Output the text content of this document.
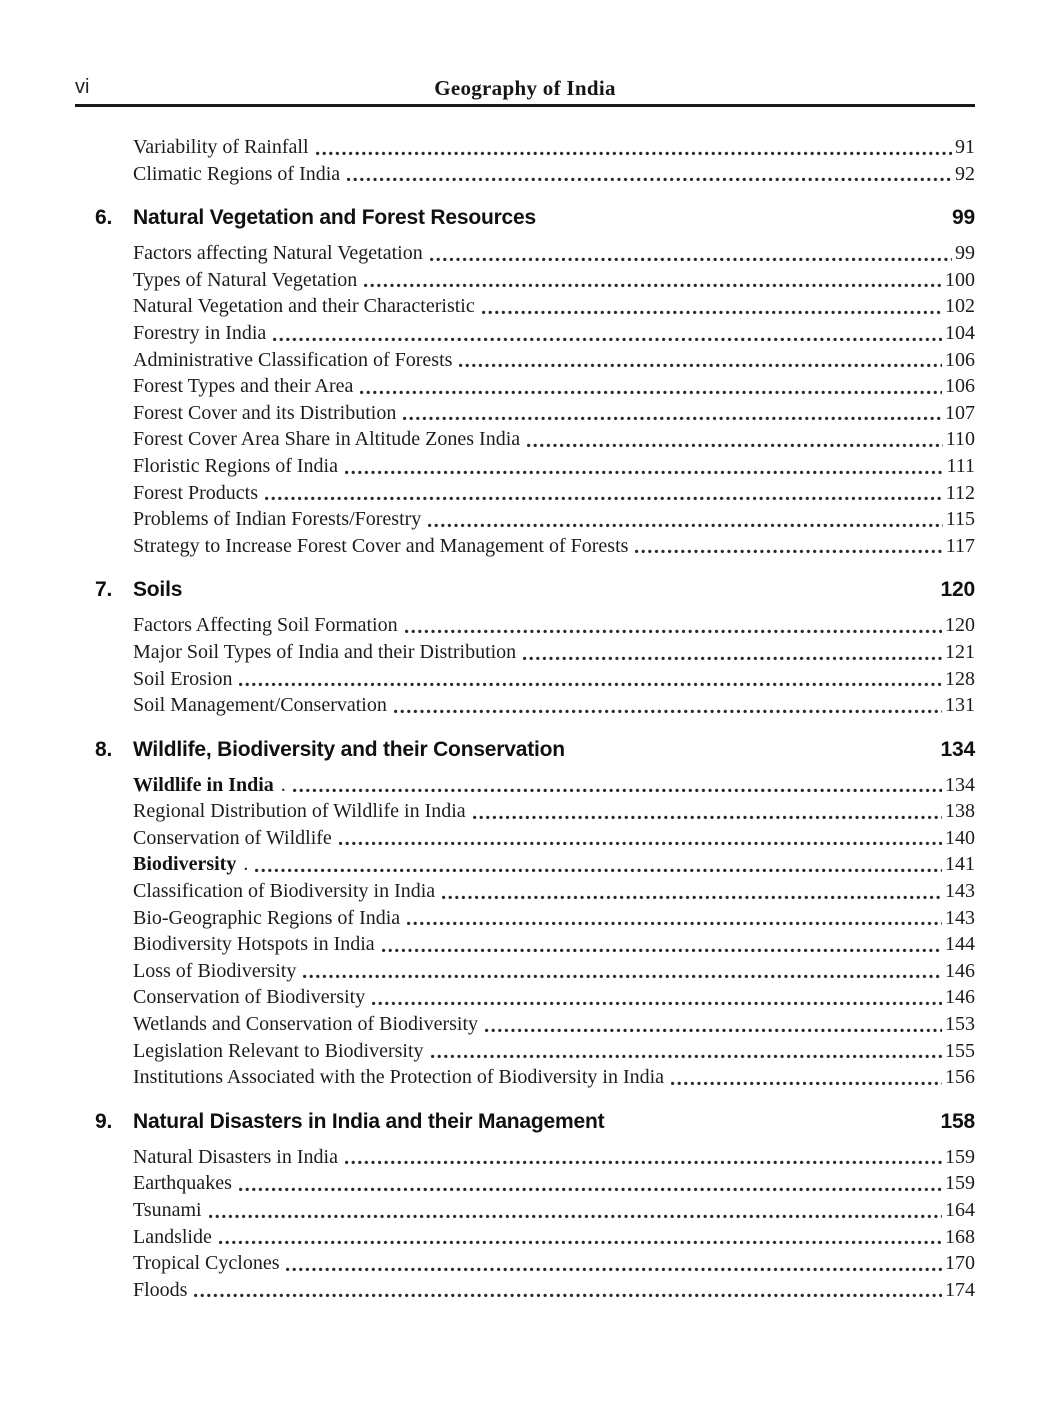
vi	Geography of India
Variability of Rainfall	91
Climatic Regions of India	92
6. Natural Vegetation and Forest Resources	99
Factors affecting Natural Vegetation	99
Types of Natural Vegetation	100
Natural Vegetation and their Characteristic	102
Forestry in India	104
Administrative Classification of Forests	106
Forest Types and their Area	106
Forest Cover and its Distribution	107
Forest Cover Area Share in Altitude Zones India	110
Floristic Regions of India	111
Forest Products	112
Problems of Indian Forests/Forestry	115
Strategy to Increase Forest Cover and Management of Forests	117
7. Soils	120
Factors Affecting Soil Formation	120
Major Soil Types of India and their Distribution	121
Soil Erosion	128
Soil Management/Conservation	131
8. Wildlife, Biodiversity and their Conservation	134
Wildlife in India .	134
Regional Distribution of Wildlife in India	138
Conservation of Wildlife	140
Biodiversity .	141
Classification of Biodiversity in India	143
Bio-Geographic Regions of India	143
Biodiversity Hotspots in India	144
Loss of Biodiversity	146
Conservation of Biodiversity	146
Wetlands and Conservation of Biodiversity	153
Legislation Relevant to Biodiversity	155
Institutions Associated with the Protection of Biodiversity in India	156
9. Natural Disasters in India and their Management	158
Natural Disasters in India	159
Earthquakes	159
Tsunami	164
Landslide	168
Tropical Cyclones	170
Floods	174
